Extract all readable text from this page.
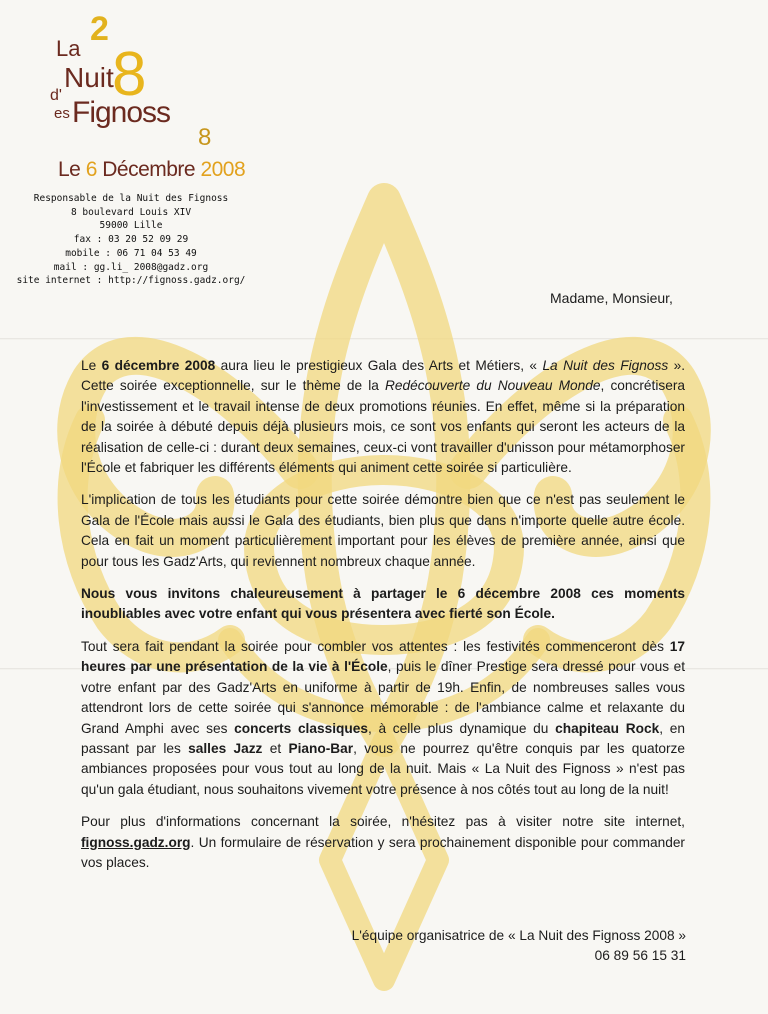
La
2
8
Nuit
d'
es Fignoss
8
Le 6 Décembre 2008
Responsable de la Nuit des Fignoss
8 boulevard Louis XIV
59000 Lille
fax : 03 20 52 09 29
mobile : 06 71 04 53 49
mail : gg.li_ 2008@gadz.org
site internet : http://fignoss.gadz.org/
Madame, Monsieur,

Le 6 décembre 2008 aura lieu le prestigieux Gala des Arts et Métiers, « La Nuit des Fignoss ». Cette soirée exceptionnelle, sur le thème de la Redécouverte du Nouveau Monde, concrétisera l'investissement et le travail intense de deux promotions réunies. En effet, même si la préparation de la soirée à débuté depuis déjà plusieurs mois, ce sont vos enfants qui seront les acteurs de la réalisation de celle-ci : durant deux semaines, ceux-ci vont travailler d'unisson pour métamorphoser l'École et fabriquer les différents éléments qui animent cette soirée si particulière.

L'implication de tous les étudiants pour cette soirée démontre bien que ce n'est pas seulement le Gala de l'École mais aussi le Gala des étudiants, bien plus que dans n'importe quelle autre école. Cela en fait un moment particulièrement important pour les élèves de première année, ainsi que pour tous les Gadz'Arts, qui reviennent nombreux chaque année.

Nous vous invitons chaleureusement à partager le 6 décembre 2008 ces moments inoubliables avec votre enfant qui vous présentera avec fierté son École.

Tout sera fait pendant la soirée pour combler vos attentes : les festivités commenceront dès 17 heures par une présentation de la vie à l'École, puis le dîner Prestige sera dressé pour vous et votre enfant par des Gadz'Arts en uniforme à partir de 19h. Enfin, de nombreuses salles vous attendront lors de cette soirée qui s'annonce mémorable : de l'ambiance calme et relaxante du Grand Amphi avec ses concerts classiques, à celle plus dynamique du chapiteau Rock, en passant par les salles Jazz et Piano-Bar, vous ne pourrez qu'être conquis par les quatorze ambiances proposées pour vous tout au long de la nuit. Mais « La Nuit des Fignoss » n'est pas qu'un gala étudiant, nous souhaitons vivement votre présence à nos côtés tout au long de la nuit!

Pour plus d'informations concernant la soirée, n'hésitez pas à visiter notre site internet, fignoss.gadz.org. Un formulaire de réservation y sera prochainement disponible pour commander vos places.

L'équipe organisatrice de « La Nuit des Fignoss 2008 »
06 89 56 15 31
